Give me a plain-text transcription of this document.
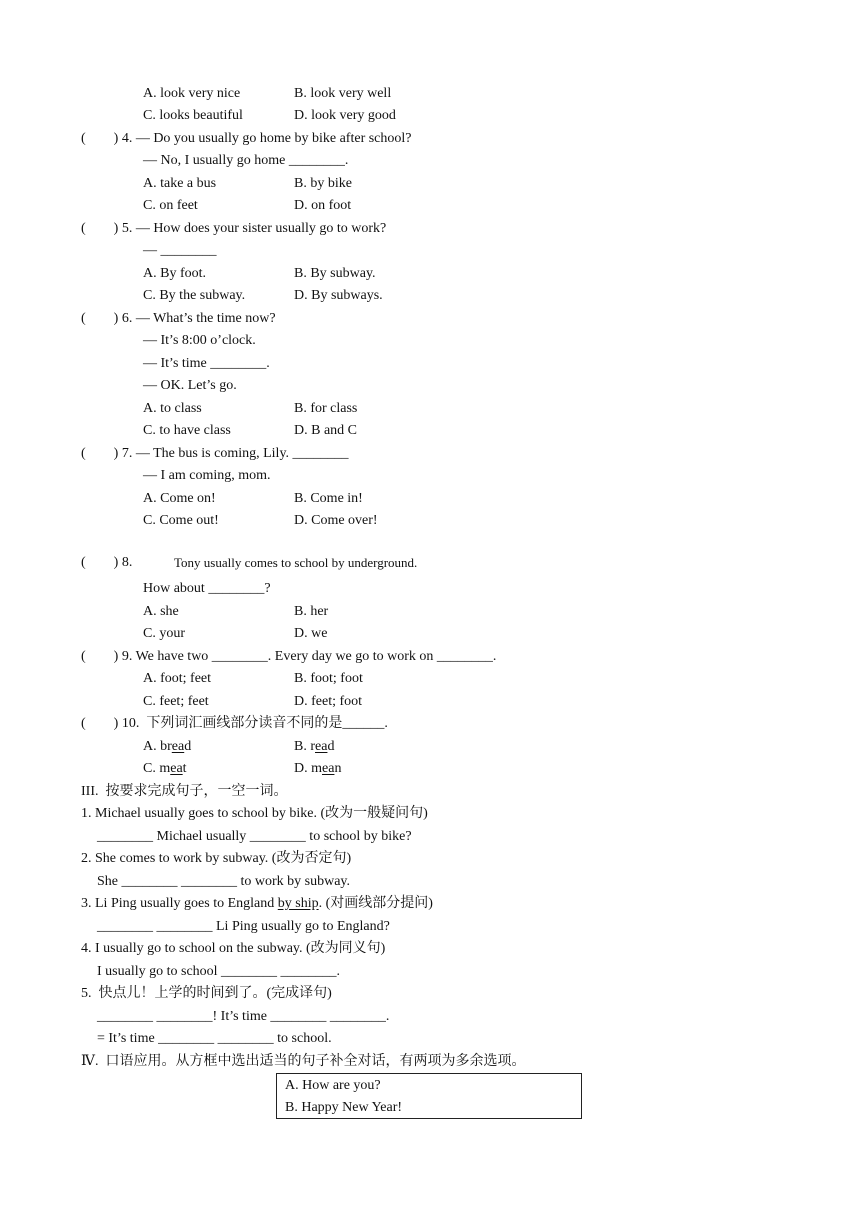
A. look very nice	B. look very well
C. looks beautiful	D. look very good
(        ) 4. — Do you usually go home by bike after school?
— No, I usually go home ________.
A. take a bus	B. by bike
C. on feet	D. on foot
(        ) 5. — How does your sister usually go to work?
— ________
A. By foot.	B. By subway.
C. By the subway.	D. By subways.
(        ) 6. — What’s the time now?
— It’s 8:00 o’clock.
— It’s time ________.
— OK. Let’s go.
A. to class	B. for class
C. to have class	D. B and C
(        ) 7. — The bus is coming, Lily. ________
— I am coming, mom.
A. Come on!	B. Come in!
C. Come out!	D. Come over!
(        ) 8.	Tony usually comes to school by underground.
How about ________?
A. she	B. her
C. your	D. we
(        ) 9. We have two ________. Every day we go to work on ________.
A. foot; feet	B. foot; foot
C. feet; feet	D. feet; foot
(        ) 10.  下列词汇画线部分读音不同的是______.
A. bread	B. read
C. meat	D. mean
III.  按要求完成句子，一空一词。
1. Michael usually goes to school by bike. (改为一般疑问句)
________ Michael usually ________ to school by bike?
2. She comes to work by subway. (改为否定句)
She ________ ________ to work by subway.
3. Li Ping usually goes to England by ship. (对画线部分提问)
________ ________ Li Ping usually go to England?
4. I usually go to school on the subway. (改为同义句)
I usually go to school ________ ________.
5.  快点儿！上学的时间到了。(完成译句)
________ ________! It’s time ________ ________.
= It’s time ________ ________ to school.
Ⅳ.  口语应用。从方框中选出适当的句子补全对话，有两项为多余选项。
A. How are you?
B. Happy New Year!
